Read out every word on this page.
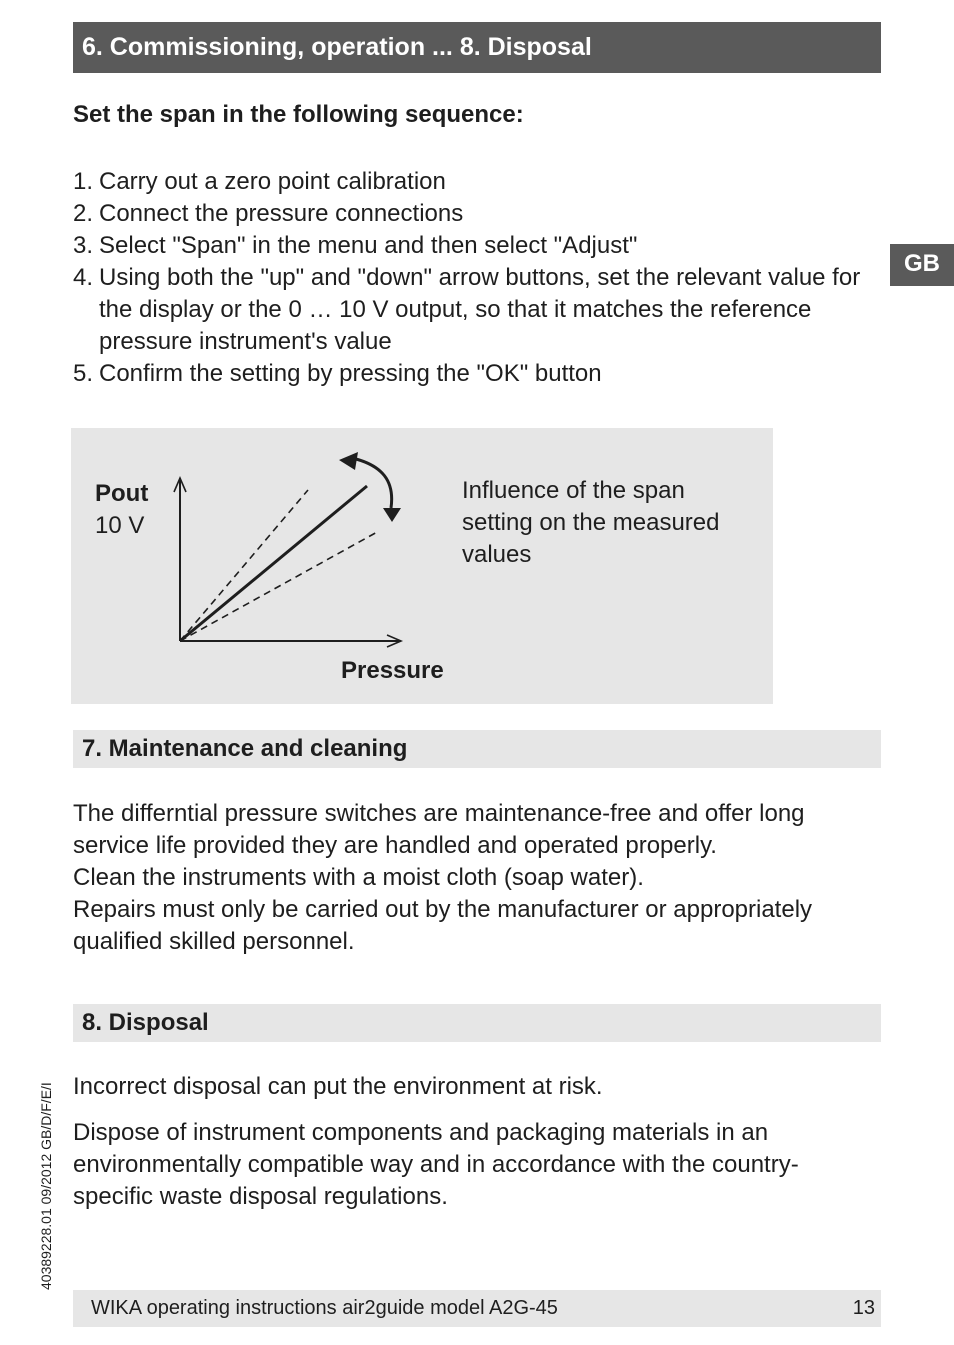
6. Commissioning, operation ... 8. Disposal
GB
Set the span in the following sequence:
1. Carry out a zero point calibration
2. Connect the pressure connections
3. Select "Span" in the menu and then select "Adjust"
4. Using both the "up" and "down" arrow buttons, set the relevant value for the display or the 0 … 10 V output, so that it matches the reference pressure instrument's value
5. Confirm the setting by pressing the "OK" button
Pout
10 V
Pressure
Influence of the span setting on the measured values
7. Maintenance and cleaning

The differntial pressure switches are maintenance-free and offer long service life provided they are handled and operated properly.

Clean the instruments with a moist cloth (soap water).

Repairs must only be carried out by the manufacturer or appropriately qualified skilled personnel.

8. Disposal

Incorrect disposal can put the environment at risk.

Dispose of instrument components and packaging materials in an environmentally compatible way and in accordance with the country-specific waste disposal regulations.

40389228.01 09/2012 GB/D/F/E/I
WIKA operating instructions air2guide model A2G-45	13
